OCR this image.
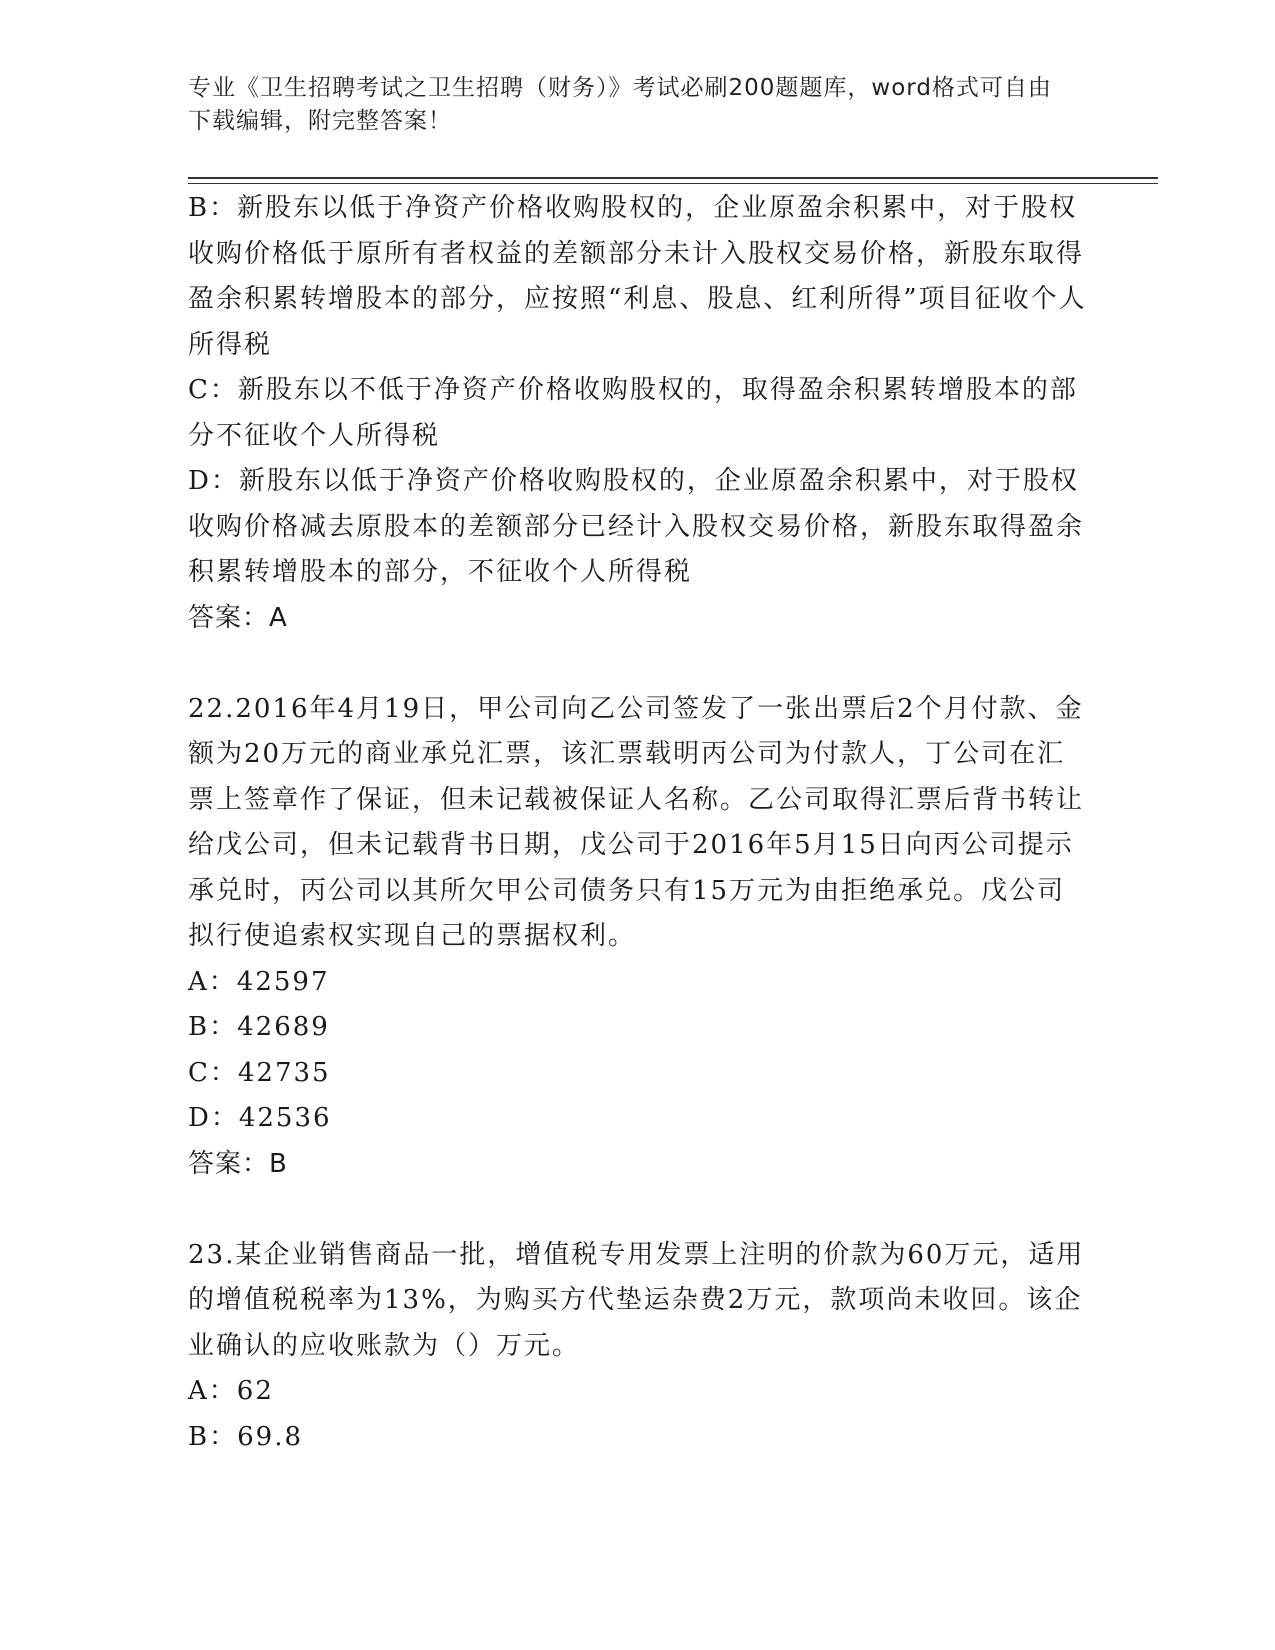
专业《卫生招聘考试之卫生招聘（财务）》考试必刷200题题库，word格式可自由下载编辑，附完整答案！

B：新股东以低于净资产价格收购股权的，企业原盈余积累中，对于股权收购价格低于原所有者权益的差额部分未计入股权交易价格，新股东取得盈余积累转增股本的部分，应按照“利息、股息、红利所得”项目征收个人所得税

C：新股东以不低于净资产价格收购股权的，取得盈余积累转增股本的部分不征收个人所得税

D：新股东以低于净资产价格收购股权的，企业原盈余积累中，对于股权收购价格减去原股本的差额部分已经计入股权交易价格，新股东取得盈余积累转增股本的部分，不征收个人所得税

答案：A

22.2016年4月19日，甲公司向乙公司签发了一张出票后2个月付款、金额为20万元的商业承兑汇票，该汇票载明丙公司为付款人，丁公司在汇票上签章作了保证，但未记载被保证人名称。乙公司取得汇票后背书转让给戊公司，但未记载背书日期，戊公司于2016年5月15日向丙公司提示承兑时，丙公司以其所欠甲公司债务只有15万元为由拒绝承兑。戊公司拟行使追索权实现自己的票据权利。

A：42597

B：42689

C：42735

D：42536

答案：B

23.某企业销售商品一批，增值税专用发票上注明的价款为60万元，适用的增值税税率为13%，为购买方代垫运杂费2万元，款项尚未收回。该企业确认的应收账款为（）万元。

A：62

B：69.8
